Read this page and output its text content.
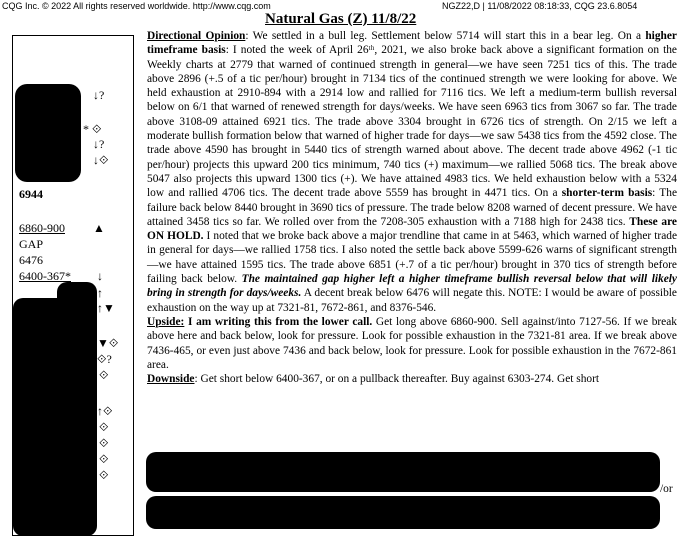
CQG Inc. © 2022 All rights reserved worldwide. http://www.cqg.com	NGZ22,D | 11/08/2022 08:18:33, CQG 23.6.8054
Natural Gas (Z) 11/8/22
↓?
* ⟐
↓?
7127-56* ↓⟐
6944
6860-900 ▲
GAP
6476
6400-367* ↓
↑
↑▼
▼⟐
⟐?
⟐
↑⟐
⟐
⟐
⟐
⟐

Directional Opinion: We settled in a bull leg. Settlement below 5714 will start this in a bear leg. On a higher timeframe basis: I noted the week of April 26ᵗʰ, 2021, we also broke back above a significant formation on the Weekly charts at 2779 that warned of continued strength in general—we have seen 7251 tics of this. The trade above 2896 (+.5 of a tic per/hour) brought in 7134 tics of the continued strength we were looking for above. We held exhaustion at 2910-894 with a 2914 low and rallied for 7116 tics. We left a medium-term bullish reversal below on 6/1 that warned of renewed strength for days/weeks. We have seen 6963 tics from 3067 so far. The trade above 3108-09 attained 6921 tics. The trade above 3304 brought in 6726 tics of strength. On 2/15 we left a moderate bullish formation below that warned of higher trade for days—we saw 5438 tics from the 4592 close. The trade above 4590 has brought in 5440 tics of strength warned about above. The decent trade above 4962 (-1 tic per/hour) projects this upward 200 tics minimum, 740 tics (+) maximum—we rallied 5068 tics. The break above 5047 also projects this upward 1300 tics (+). We have attained 4983 tics. We held exhaustion below with a 5324 low and rallied 4706 tics. The decent trade above 5559 has brought in 4471 tics. On a shorter-term basis: The failure back below 8440 brought in 3690 tics of pressure. The trade below 8208 warned of decent pressure. We have attained 3458 tics so far. We rolled over from the 7208-305 exhaustion with a 7188 high for 2438 tics. These are ON HOLD. I noted that we broke back above a major trendline that came in at 5463, which warned of higher trade in general for days—we rallied 1758 tics. I also noted the settle back above 5599-626 warns of significant strength—we have attained 1595 tics. The trade above 6851 (+.7 of a tic per/hour) brought in 370 tics of strength before failing back below. The maintained gap higher left a higher timeframe bullish reversal below that will likely bring in strength for days/weeks. A decent break below 6476 will negate this. NOTE: I would be aware of possible exhaustion on the way up at 7321-81, 7672-861, and 8376-546.

Upside: I am writing this from the lower call. Get long above 6860-900. Sell against/into 7127-56. If we break above here and back below, look for pressure. Look for possible exhaustion in the 7321-81 area. If we break above 7436-465, or even just above 7436 and back below, look for pressure. Look for possible exhaustion in the 7672-861 area.

Downside: Get short below 6400-367, or on a pullback thereafter. Buy against 6303-274. Get short

/or
